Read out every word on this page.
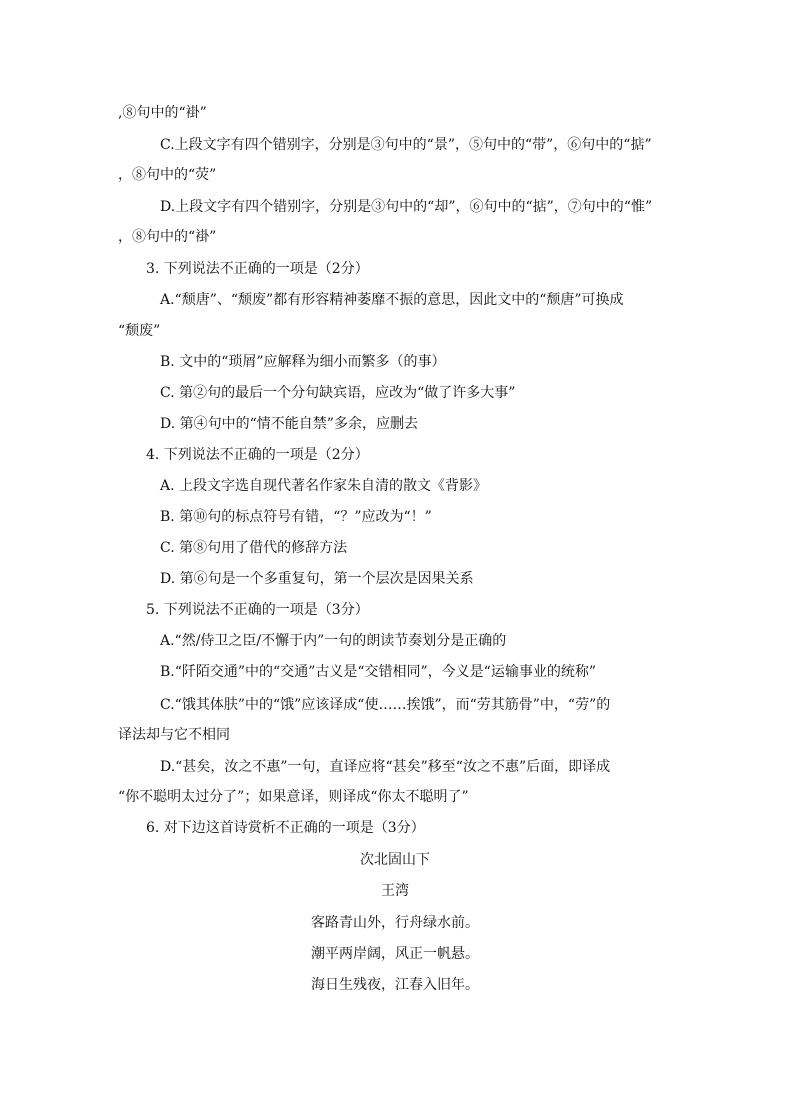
,⑧句中的“褂”
C.上段文字有四个错别字，分别是③句中的“景”，⑤句中的“带”，⑥句中的“掂”
，⑧句中的“荧”
D.上段文字有四个错别字，分别是③句中的“却”，⑥句中的“掂”，⑦句中的“惟”
，⑧句中的“褂”
3. 下列说法不正确的一项是（2分）
A.“颓唐”、“颓废”都有形容精神萎靡不振的意思，因此文中的“颓唐”可换成
“颓废”
B. 文中的“琐屑”应解释为细小而繁多（的事）
C. 第②句的最后一个分句缺宾语，应改为“做了许多大事”
D. 第④句中的“情不能自禁”多余，应删去
4. 下列说法不正确的一项是（2分）
A. 上段文字选自现代著名作家朱自清的散文《背影》
B. 第⑩句的标点符号有错，“？”应改为“！”
C. 第⑧句用了借代的修辞方法
D. 第⑥句是一个多重复句，第一个层次是因果关系
5. 下列说法不正确的一项是（3分）
A.“然/侍卫之臣/不懈于内”一句的朗读节奏划分是正确的
B.“阡陌交通”中的“交通”古义是“交错相同”，今义是“运输事业的统称”
C.“饿其体肤”中的“饿”应该译成“使……挨饿”，而“劳其筋骨”中，“劳”的
译法却与它不相同
D.“甚矣，汝之不惠”一句，直译应将“甚矣”移至“汝之不惠”后面，即译成
“你不聪明太过分了”；如果意译，则译成“你太不聪明了”
6. 对下边这首诗赏析不正确的一项是（3分）
次北固山下
王湾
客路青山外，行舟绿水前。
潮平两岸阔，风正一帆悬。
海日生残夜，江春入旧年。
